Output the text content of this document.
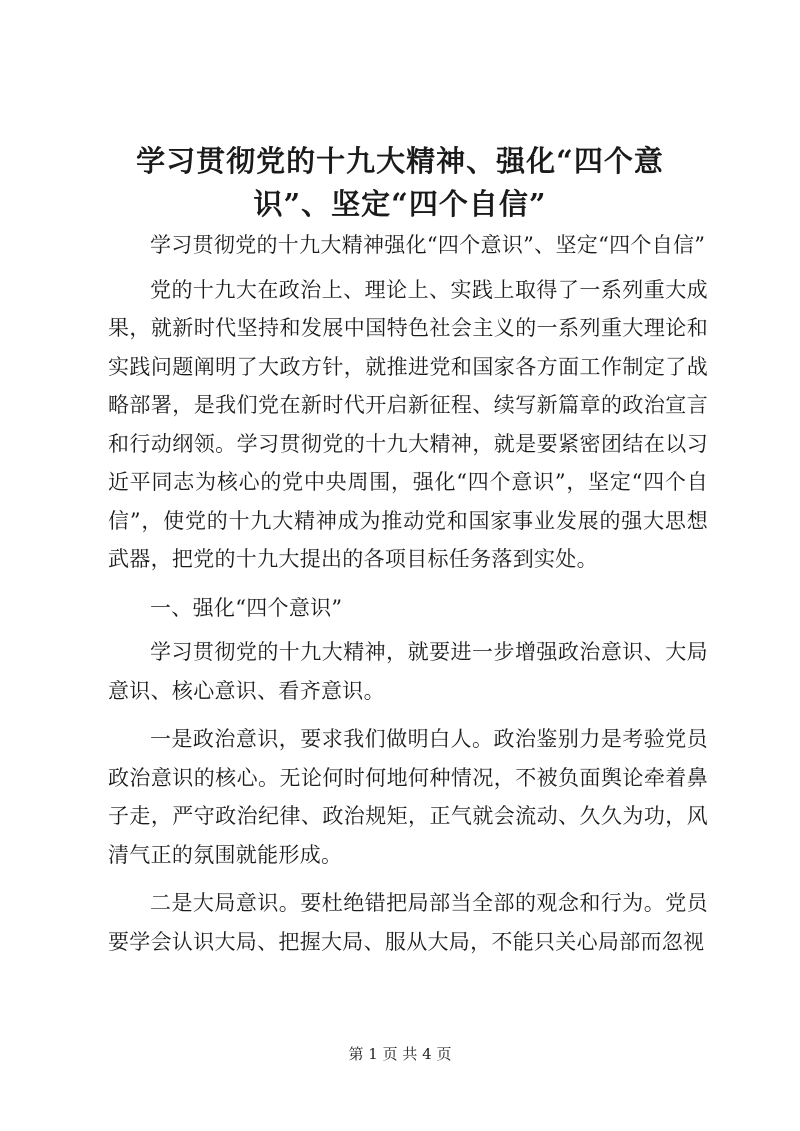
学习贯彻党的十九大精神、强化“四个意
识”、坚定“四个自信”

学习贯彻党的十九大精神强化“四个意识”、坚定“四个自信”

党的十九大在政治上、理论上、实践上取得了一系列重大成果，就新时代坚持和发展中国特色社会主义的一系列重大理论和实践问题阐明了大政方针，就推进党和国家各方面工作制定了战略部署，是我们党在新时代开启新征程、续写新篇章的政治宣言和行动纲领。学习贯彻党的十九大精神，就是要紧密团结在以习近平同志为核心的党中央周围，强化“四个意识”，坚定“四个自信”，使党的十九大精神成为推动党和国家事业发展的强大思想武器，把党的十九大提出的各项目标任务落到实处。

一、强化“四个意识”

学习贯彻党的十九大精神，就要进一步增强政治意识、大局意识、核心意识、看齐意识。

一是政治意识，要求我们做明白人。政治鉴别力是考验党员政治意识的核心。无论何时何地何种情况，不被负面舆论牵着鼻子走，严守政治纪律、政治规矩，正气就会流动、久久为功，风清气正的氛围就能形成。

二是大局意识。要杜绝错把局部当全部的观念和行为。党员要学会认识大局、把握大局、服从大局，不能只关心局部而忽视

第 1 页 共 4 页
